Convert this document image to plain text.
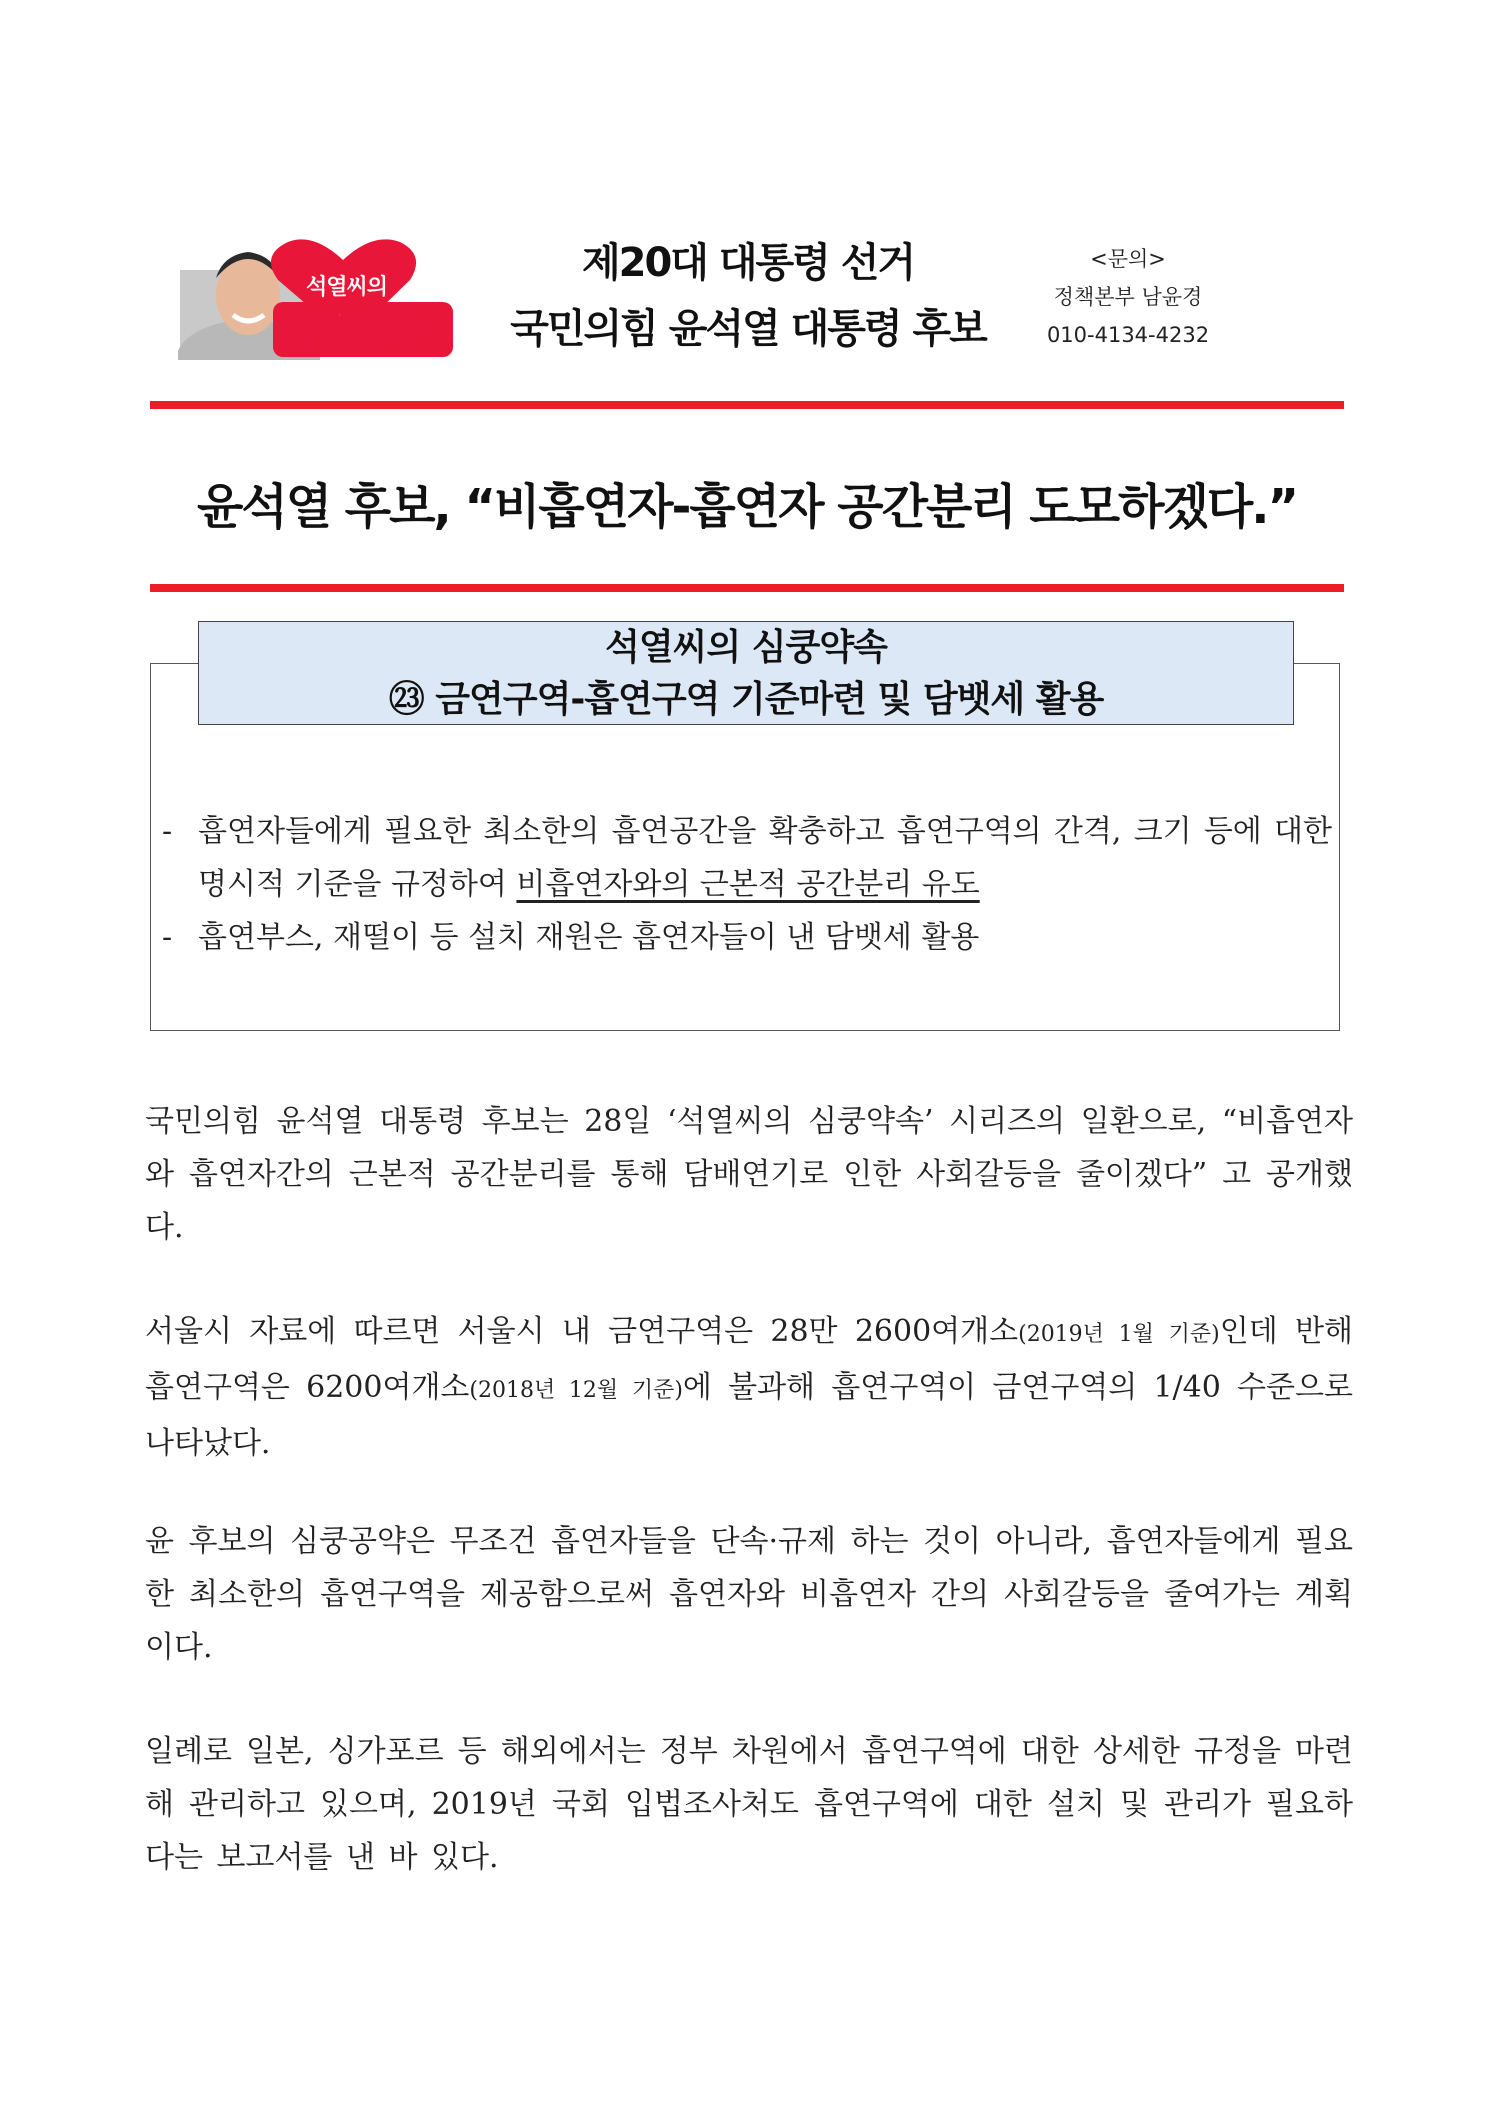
석열씨의
심쿵약속
제20대 대통령 선거
국민의힘 윤석열 대통령 후보
<문의>
정책본부 남윤경
010-4134-4232
윤석열 후보, “비흡연자-흡연자 공간분리 도모하겠다.”
석열씨의 심쿵약속
㉓ 금연구역-흡연구역 기준마련 및 담뱃세 활용
- 흡연자들에게 필요한 최소한의 흡연공간을 확충하고 흡연구역의 간격, 크기 등에 대한 명시적 기준을 규정하여 비흡연자와의 근본적 공간분리 유도
- 흡연부스, 재떨이 등 설치 재원은 흡연자들이 낸 담뱃세 활용
국민의힘 윤석열 대통령 후보는 28일 ‘석열씨의 심쿵약속’ 시리즈의 일환으로, “비흡연자와 흡연자간의 근본적 공간분리를 통해 담배연기로 인한 사회갈등을 줄이겠다” 고 공개했다.
서울시 자료에 따르면 서울시 내 금연구역은 28만 2600여개소(2019년 1월 기준)인데 반해 흡연구역은 6200여개소(2018년 12월 기준)에 불과해 흡연구역이 금연구역의 1/40 수준으로 나타났다.
윤 후보의 심쿵공약은 무조건 흡연자들을 단속·규제 하는 것이 아니라, 흡연자들에게 필요한 최소한의 흡연구역을 제공함으로써 흡연자와 비흡연자 간의 사회갈등을 줄여가는 계획이다.
일례로 일본, 싱가포르 등 해외에서는 정부 차원에서 흡연구역에 대한 상세한 규정을 마련해 관리하고 있으며, 2019년 국회 입법조사처도 흡연구역에 대한 설치 및 관리가 필요하다는 보고서를 낸 바 있다.
